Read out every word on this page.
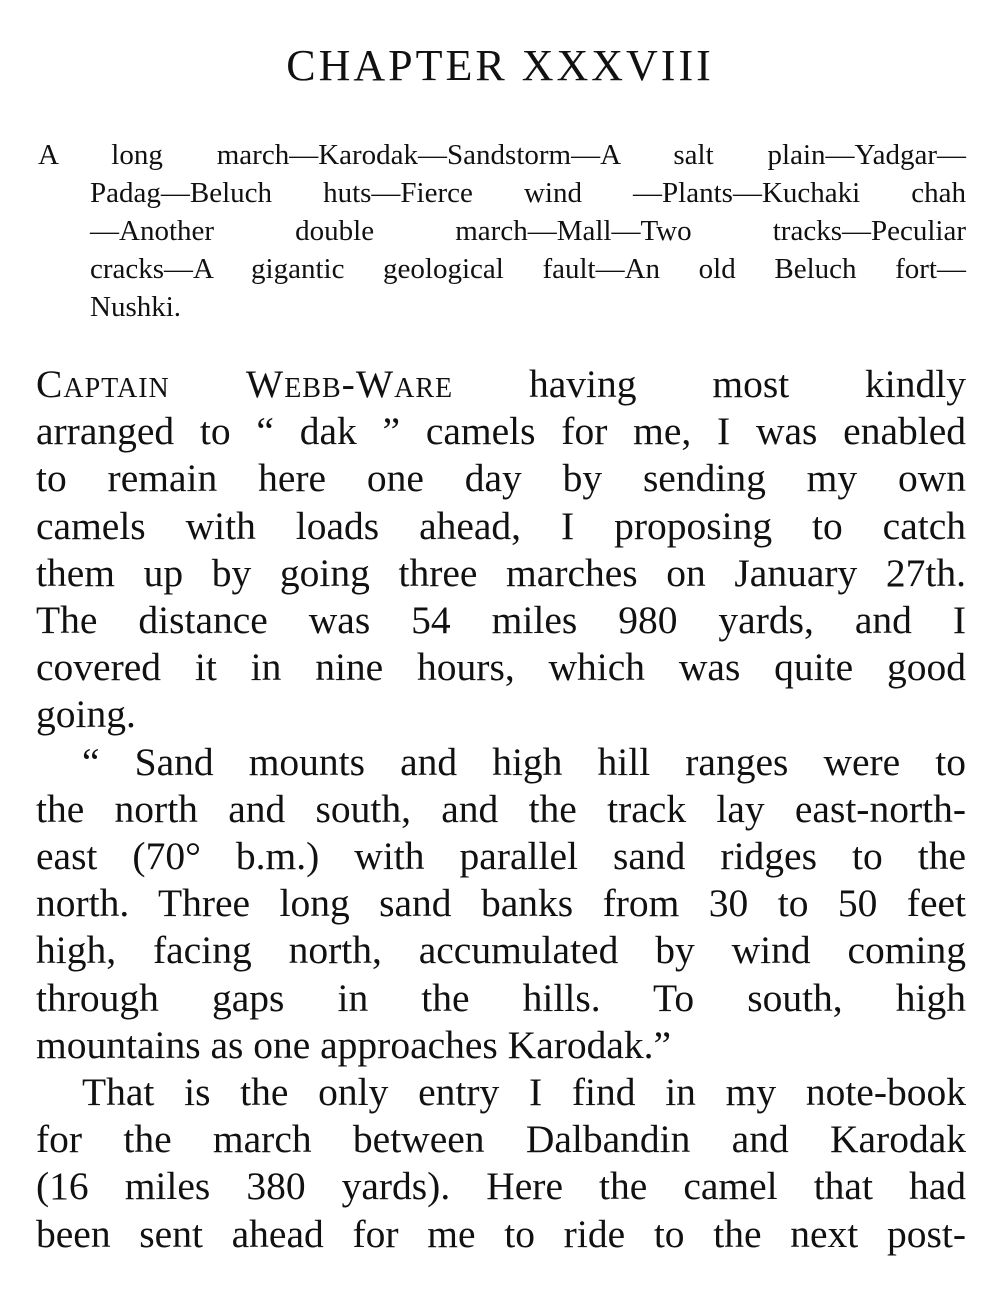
CHAPTER XXXVIII
A long march—Karodak—Sandstorm—A salt plain—Yadgar—
Padag—Beluch huts—Fierce wind —Plants—Kuchaki chah
—Another double march—Mall—Two tracks—Peculiar
cracks—A gigantic geological fault—An old Beluch fort—
Nushki.
Captain Webb-Ware having most kindly
arranged to “ dak ” camels for me, I was enabled
to remain here one day by sending my own
camels with loads ahead, I proposing to catch
them up by going three marches on January 27th.
The distance was 54 miles 980 yards, and I
covered it in nine hours, which was quite good
going.
“ Sand mounts and high hill ranges were to
the north and south, and the track lay east-north-
east (70° b.m.) with parallel sand ridges to the
north. Three long sand banks from 30 to 50 feet
high, facing north, accumulated by wind coming
through gaps in the hills. To south, high
mountains as one approaches Karodak.”
That is the only entry I find in my note-book
for the march between Dalbandin and Karodak
(16 miles 380 yards). Here the camel that had
been sent ahead for me to ride to the next post-
